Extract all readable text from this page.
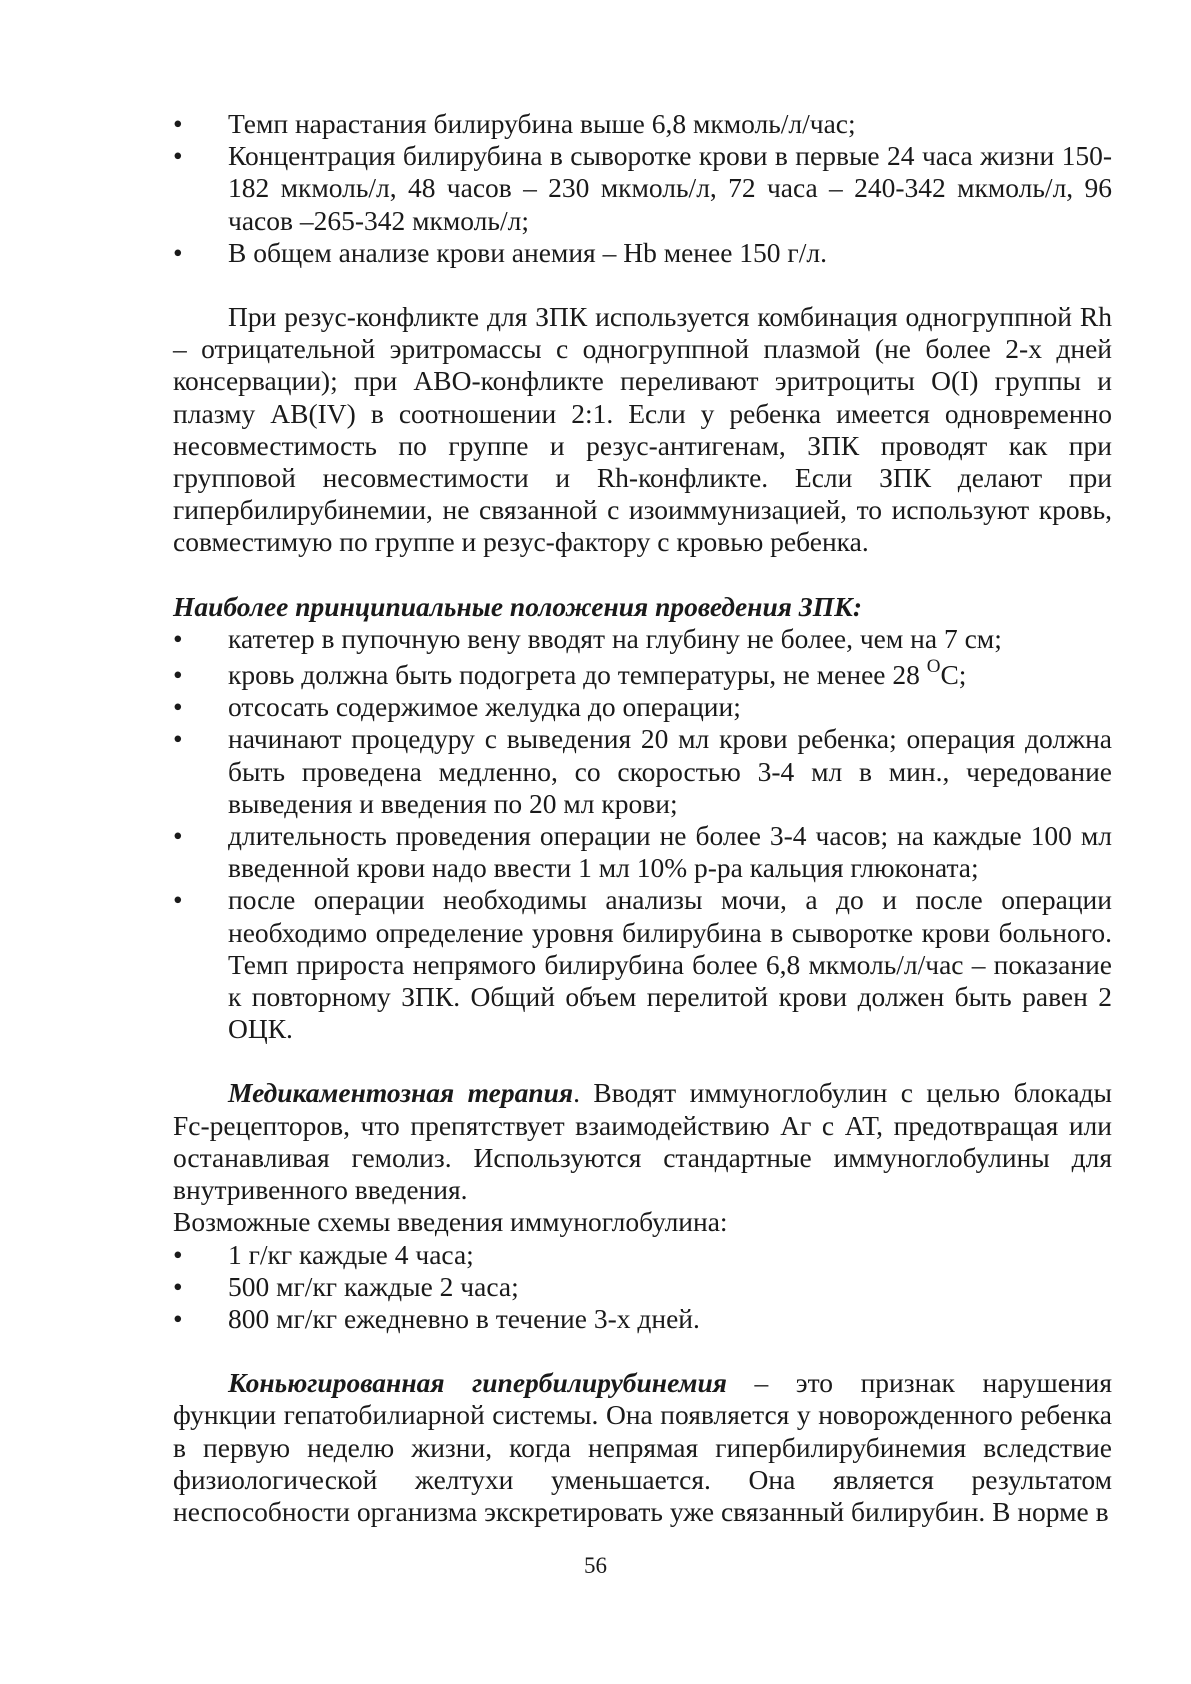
•	Темп нарастания билирубина выше 6,8 мкмоль/л/час;
•	Концентрация билирубина в сыворотке крови в первые 24 часа жизни 150-182 мкмоль/л, 48 часов – 230 мкмоль/л, 72 часа – 240-342 мкмоль/л, 96 часов –265-342 мкмоль/л;
•	В общем анализе крови анемия – Hb менее 150 г/л.

При резус-конфликте для ЗПК используется комбинация одногруппной Rh – отрицательной эритромассы с одногруппной плазмой (не более 2-х дней консервации); при АВО-конфликте переливают эритроциты О(I) группы и плазму АВ(IV) в соотношении 2:1. Если у ребенка имеется одновременно несовместимость по группе и резус-антигенам, ЗПК проводят как при групповой несовместимости и Rh-конфликте. Если ЗПК делают при гипербилирубинемии, не связанной с изоиммунизацией, то используют кровь, совместимую по группе и резус-фактору с кровью ребенка.

Наиболее принципиальные положения проведения ЗПК:

•	катетер в пупочную вену вводят на глубину не более, чем на 7 см;
•	кровь должна быть подогрета до температуры, не менее 28 $^О$С;
•	отсосать содержимое желудка до операции;
•	начинают процедуру с выведения 20 мл крови ребенка; операция должна быть проведена медленно, со скоростью 3-4 мл в мин., чередование выведения и введения по 20 мл крови;
•	длительность проведения операции не более 3-4 часов; на каждые 100 мл введенной крови надо ввести 1 мл 10% р-ра кальция глюконата;
•	после операции необходимы анализы мочи, а до и после операции необходимо определение уровня билирубина в сыворотке крови больного. Темп прироста непрямого билирубина более 6,8 мкмоль/л/час – показание к повторному ЗПК. Общий объем перелитой крови должен быть равен 2 ОЦК.

Медикаментозная терапия. Вводят иммуноглобулин с целью блокады Fc-рецепторов, что препятствует взаимодействию Аг с АТ, предотвращая или останавливая гемолиз. Используются стандартные иммуноглобулины для внутривенного введения.

Возможные схемы введения иммуноглобулина:

•	1 г/кг каждые 4 часа;
•	500 мг/кг каждые 2 часа;
•	800 мг/кг ежедневно в течение 3-х дней.

Коньюгированная гипербилирубинемия – это признак нарушения функции гепатобилиарной системы. Она появляется у новорожденного ребенка в первую неделю жизни, когда непрямая гипербилирубинемия вследствие физиологической желтухи уменьшается. Она является результатом неспособности организма экскретировать уже связанный билирубин. В норме в

56
